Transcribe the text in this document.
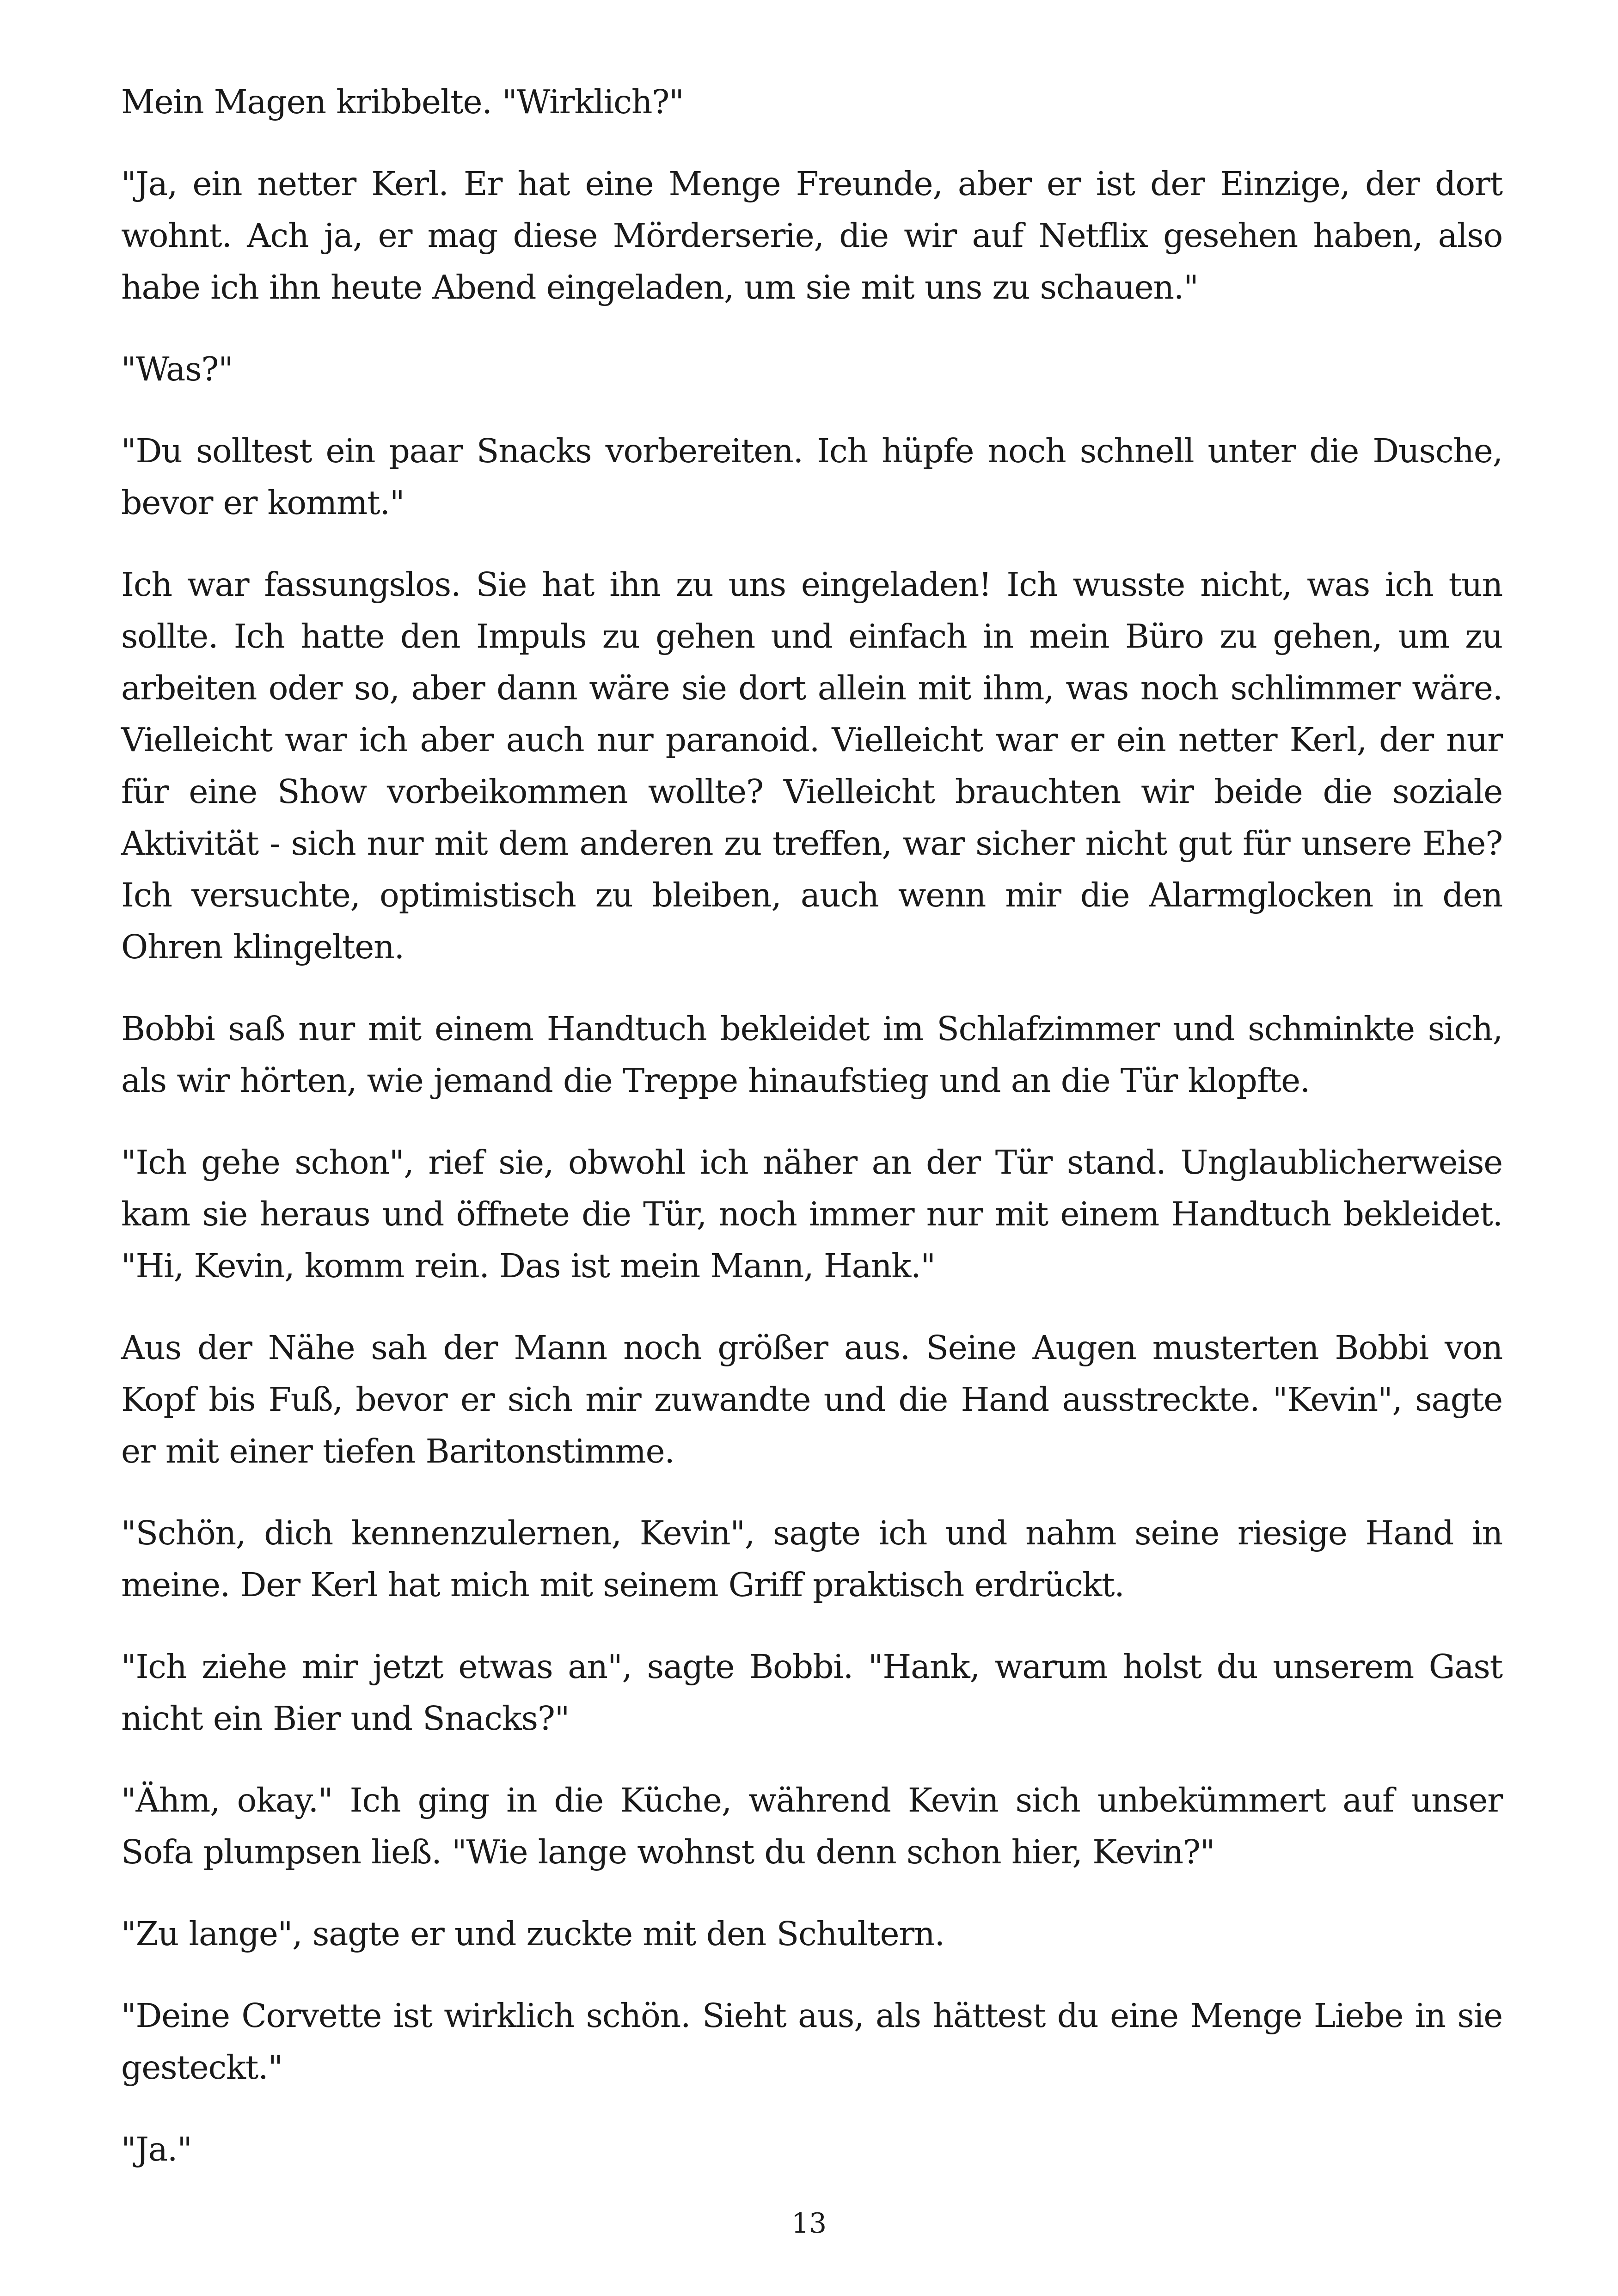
Mein Magen kribbelte. "Wirklich?"

"Ja, ein netter Kerl. Er hat eine Menge Freunde, aber er ist der Einzige, der dort wohnt. Ach ja, er mag diese Mörderserie, die wir auf Netflix gesehen haben, also habe ich ihn heute Abend eingeladen, um sie mit uns zu schauen."

"Was?"

"Du solltest ein paar Snacks vorbereiten. Ich hüpfe noch schnell unter die Dusche, bevor er kommt."

Ich war fassungslos. Sie hat ihn zu uns eingeladen! Ich wusste nicht, was ich tun sollte. Ich hatte den Impuls zu gehen und einfach in mein Büro zu gehen, um zu arbeiten oder so, aber dann wäre sie dort allein mit ihm, was noch schlimmer wäre. Vielleicht war ich aber auch nur paranoid. Vielleicht war er ein netter Kerl, der nur für eine Show vorbeikommen wollte? Vielleicht brauchten wir beide die soziale Aktivität - sich nur mit dem anderen zu treffen, war sicher nicht gut für unsere Ehe? Ich versuchte, optimistisch zu bleiben, auch wenn mir die Alarmglocken in den Ohren klingelten.

Bobbi saß nur mit einem Handtuch bekleidet im Schlafzimmer und schminkte sich, als wir hörten, wie jemand die Treppe hinaufstieg und an die Tür klopfte.

"Ich gehe schon", rief sie, obwohl ich näher an der Tür stand. Unglaublicherweise kam sie heraus und öffnete die Tür, noch immer nur mit einem Handtuch bekleidet. "Hi, Kevin, komm rein. Das ist mein Mann, Hank."

Aus der Nähe sah der Mann noch größer aus. Seine Augen musterten Bobbi von Kopf bis Fuß, bevor er sich mir zuwandte und die Hand ausstreckte. "Kevin", sagte er mit einer tiefen Baritonstimme.

"Schön, dich kennenzulernen, Kevin", sagte ich und nahm seine riesige Hand in meine. Der Kerl hat mich mit seinem Griff praktisch erdrückt.

"Ich ziehe mir jetzt etwas an", sagte Bobbi. "Hank, warum holst du unserem Gast nicht ein Bier und Snacks?"

"Ähm, okay." Ich ging in die Küche, während Kevin sich unbekümmert auf unser Sofa plumpsen ließ. "Wie lange wohnst du denn schon hier, Kevin?"

"Zu lange", sagte er und zuckte mit den Schultern.

"Deine Corvette ist wirklich schön. Sieht aus, als hättest du eine Menge Liebe in sie gesteckt."

"Ja."

13
